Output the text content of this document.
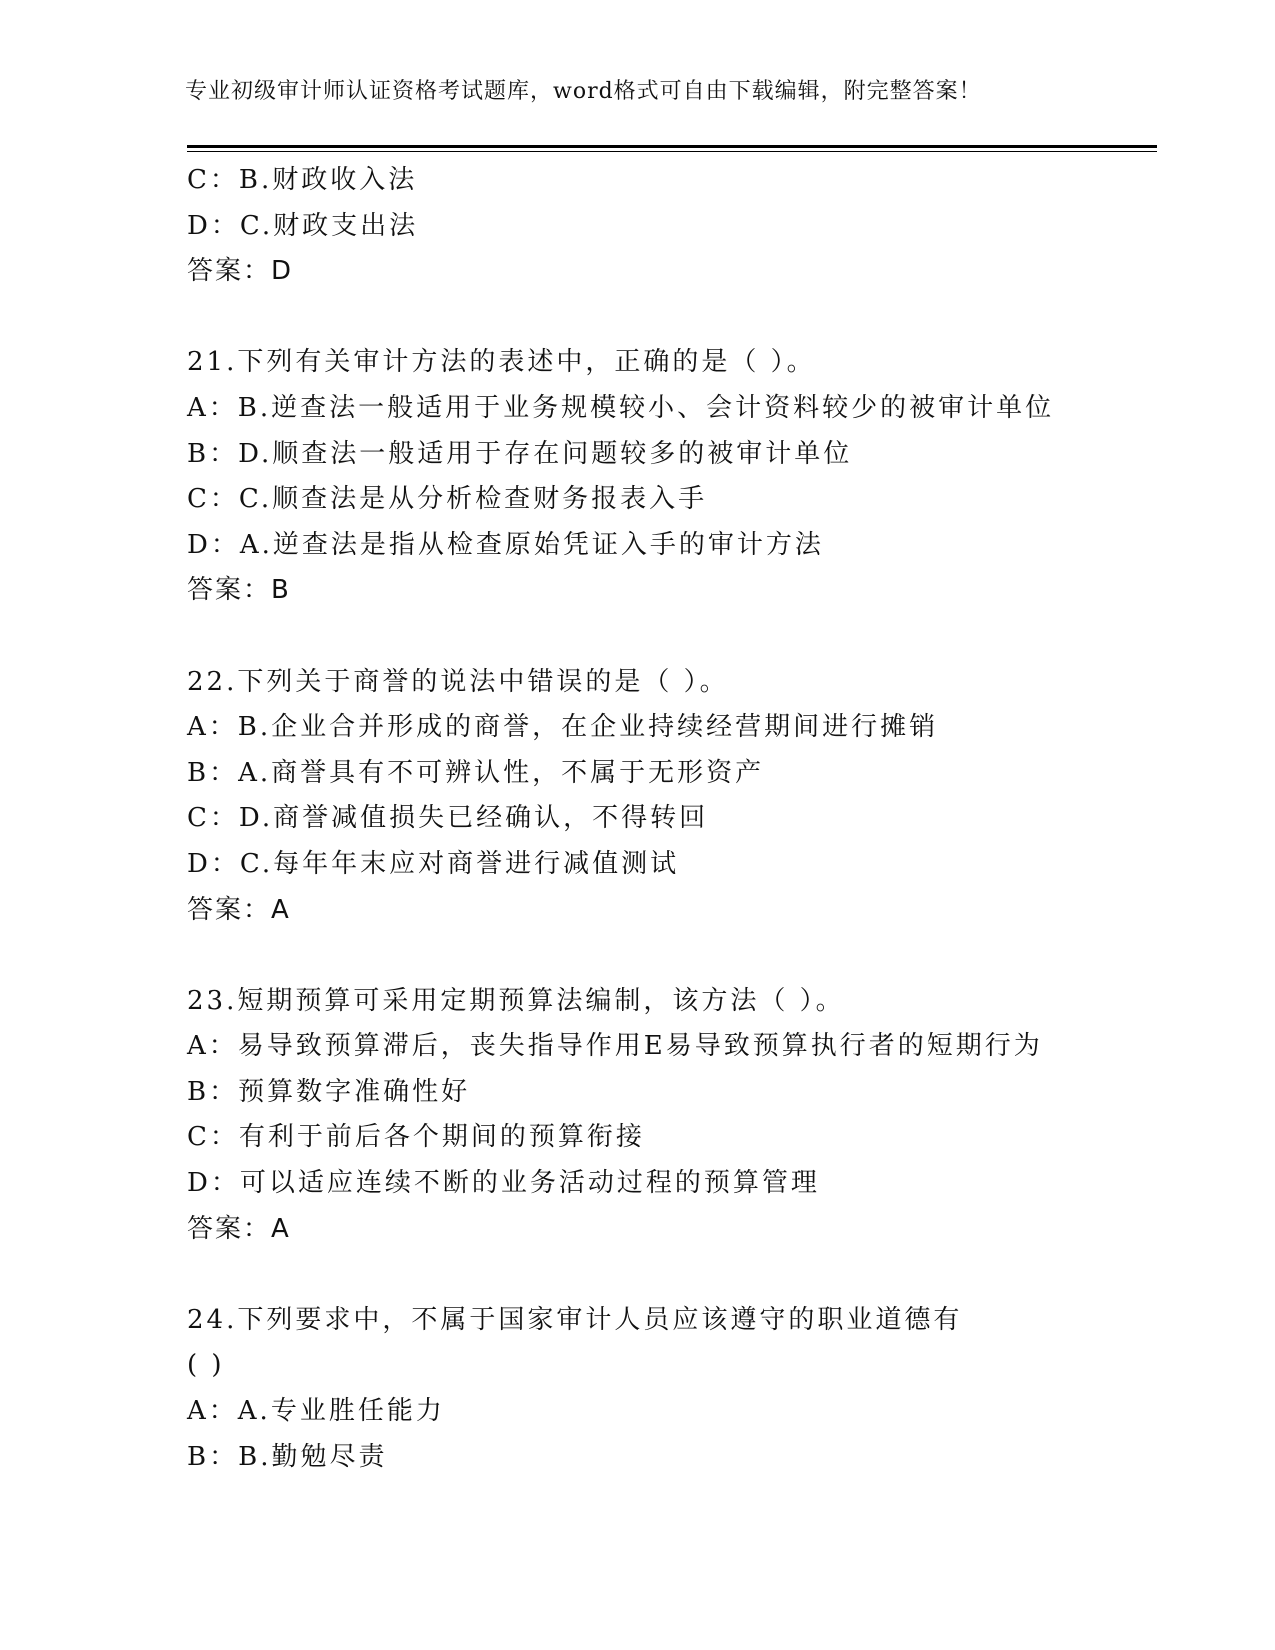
专业初级审计师认证资格考试题库，word格式可自由下载编辑，附完整答案！
C：B.财政收入法
D：C.财政支出法
答案：D
21.下列有关审计方法的表述中，正确的是（ ）。
A：B.逆查法一般适用于业务规模较小、会计资料较少的被审计单位
B：D.顺查法一般适用于存在问题较多的被审计单位
C：C.顺查法是从分析检查财务报表入手
D：A.逆查法是指从检查原始凭证入手的审计方法
答案：B
22.下列关于商誉的说法中错误的是（ ）。
A：B.企业合并形成的商誉，在企业持续经营期间进行摊销
B：A.商誉具有不可辨认性，不属于无形资产
C：D.商誉减值损失已经确认，不得转回
D：C.每年年末应对商誉进行减值测试
答案：A
23.短期预算可采用定期预算法编制，该方法（ ）。
A：易导致预算滞后，丧失指导作用E易导致预算执行者的短期行为
B：预算数字准确性好
C：有利于前后各个期间的预算衔接
D：可以适应连续不断的业务活动过程的预算管理
答案：A
24.下列要求中，不属于国家审计人员应该遵守的职业道德有
( )
A：A.专业胜任能力
B：B.勤勉尽责
